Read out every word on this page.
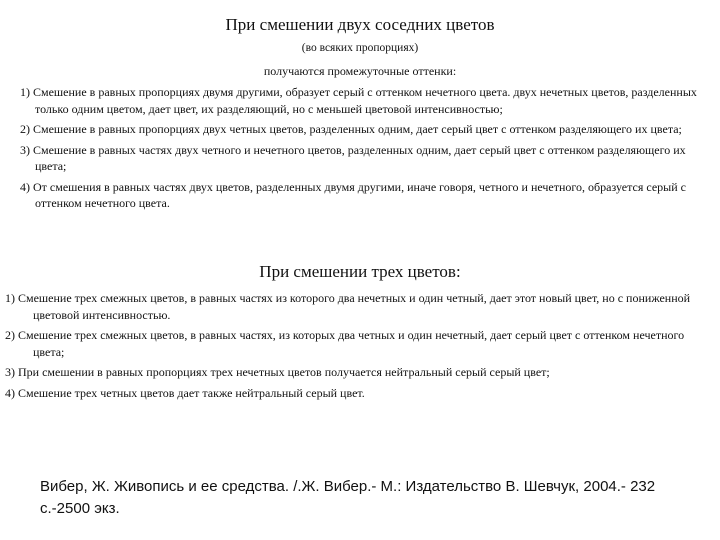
При смешении двух соседних цветов
(во всяких пропорциях)
получаются промежуточные оттенки:
1) Смешение в равных пропорциях двумя другими, образует серый с оттенком нечетного цвета. двух нечетных цветов, разделенных только одним цветом, дает цвет, их разделяющий, но с меньшей цветовой интенсивностью;
2) Смешение в равных пропорциях двух четных цветов, разделенных одним, дает серый цвет с оттенком разделяющего их цвета;
3) Смешение в равных частях двух четного и нечетного цветов, разделенных одним, дает серый цвет с оттенком разделяющего их цвета;
4) От смешения в равных частях двух цветов, разделенных двумя другими, иначе говоря, четного и нечетного, образуется серый с оттенком нечетного цвета.
При смешении трех цветов:
1) Смешение трех смежных цветов, в равных частях из которого два нечетных и один четный, дает этот новый цвет, но с пониженной цветовой интенсивностью.
2) Смешение трех смежных цветов, в равных частях, из которых два четных и один нечетный, дает серый цвет с оттенком нечетного цвета;
3) При смешении в равных пропорциях трех нечетных цветов получается нейтральный серый серый цвет;
4) Смешение трех четных цветов дает также нейтральный серый цвет.
Вибер, Ж. Живопись и ее средства. /.Ж. Вибер.- М.: Издательство В. Шевчук, 2004.- 232 с.-2500 экз.
